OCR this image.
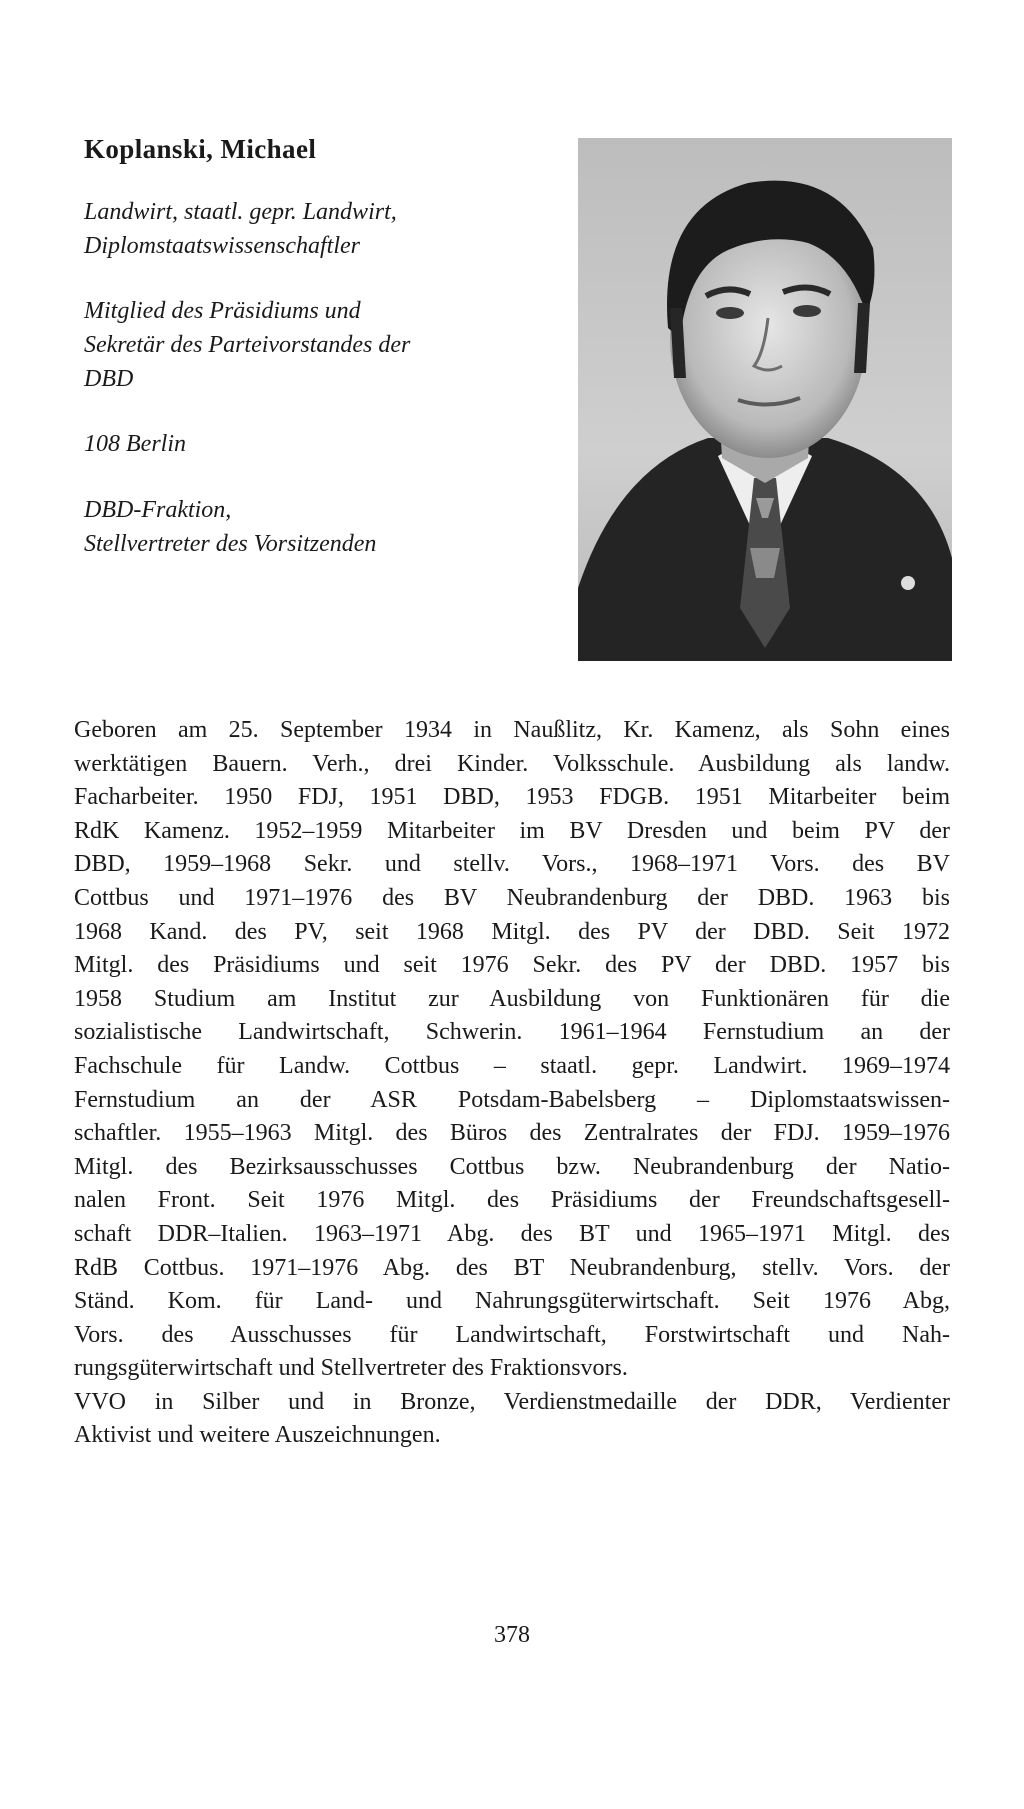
Koplanski, Michael

Landwirt, staatl. gepr. Landwirt,
Diplomstaatswissenschaftler

Mitglied des Präsidiums und
Sekretär des Parteivorstandes der
DBD

108 Berlin

DBD-Fraktion,
Stellvertreter des Vorsitzenden

Geboren am 25. September 1934 in Naußlitz, Kr. Kamenz, als Sohn eines
werktätigen Bauern. Verh., drei Kinder. Volksschule. Ausbildung als landw.
Facharbeiter. 1950 FDJ, 1951 DBD, 1953 FDGB. 1951 Mitarbeiter beim
RdK Kamenz. 1952–1959 Mitarbeiter im BV Dresden und beim PV der
DBD, 1959–1968 Sekr. und stellv. Vors., 1968–1971 Vors. des BV
Cottbus und 1971–1976 des BV Neubrandenburg der DBD. 1963 bis
1968 Kand. des PV, seit 1968 Mitgl. des PV der DBD. Seit 1972
Mitgl. des Präsidiums und seit 1976 Sekr. des PV der DBD. 1957 bis
1958 Studium am Institut zur Ausbildung von Funktionären für die
sozialistische Landwirtschaft, Schwerin. 1961–1964 Fernstudium an der
Fachschule für Landw. Cottbus – staatl. gepr. Landwirt. 1969–1974
Fernstudium an der ASR Potsdam-Babelsberg – Diplomstaatswissen-
schaftler. 1955–1963 Mitgl. des Büros des Zentralrates der FDJ. 1959–1976
Mitgl. des Bezirksausschusses Cottbus bzw. Neubrandenburg der Natio-
nalen Front. Seit 1976 Mitgl. des Präsidiums der Freundschaftsgesell-
schaft DDR–Italien. 1963–1971 Abg. des BT und 1965–1971 Mitgl. des
RdB Cottbus. 1971–1976 Abg. des BT Neubrandenburg, stellv. Vors. der
Ständ. Kom. für Land- und Nahrungsgüterwirtschaft. Seit 1976 Abg,
Vors. des Ausschusses für Landwirtschaft, Forstwirtschaft und Nah-
rungsgüterwirtschaft und Stellvertreter des Fraktionsvors.
VVO in Silber und in Bronze, Verdienstmedaille der DDR, Verdienter
Aktivist und weitere Auszeichnungen.

378
